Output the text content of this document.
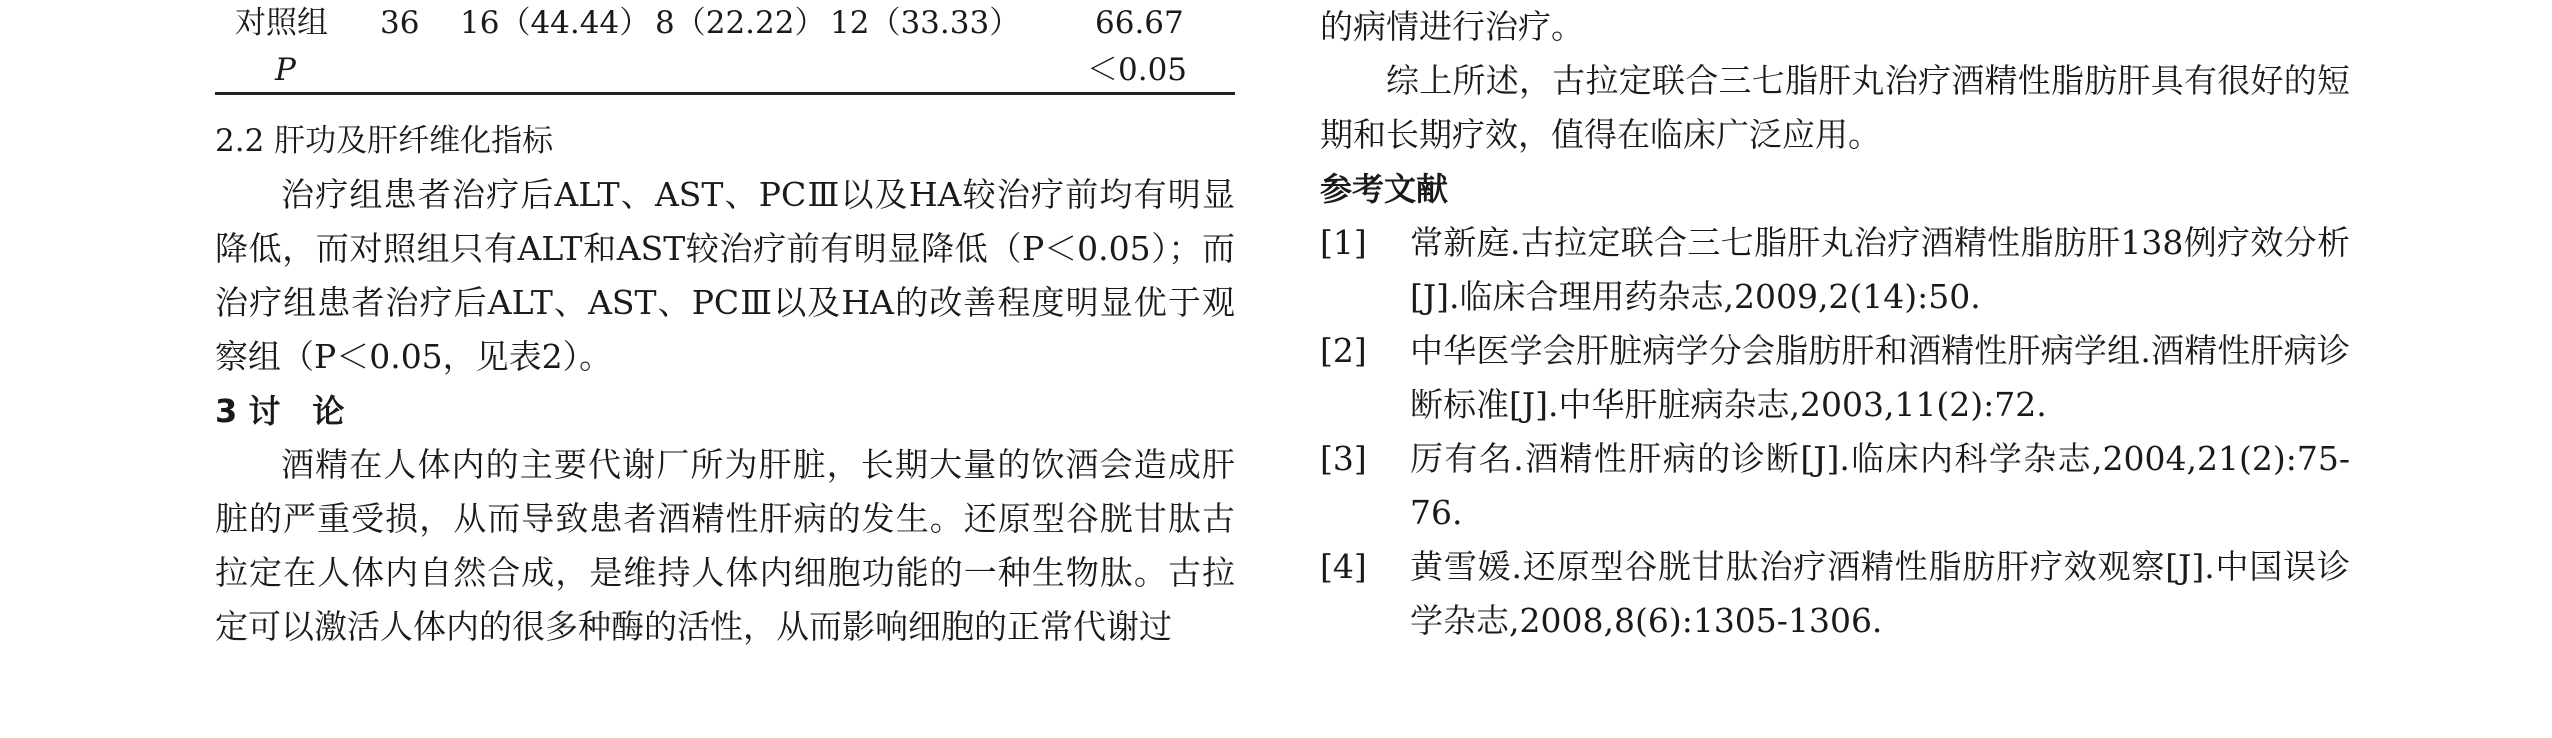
对照组 36 16（44.44） 8（22.22） 12（33.33） 66.67
P	＜0.05

2.2 肝功及肝纤维化指标

治疗组患者治疗后ALT、AST、PCⅢ以及HA较治疗前均有明显降低，而对照组只有ALT和AST较治疗前有明显降低（P＜0.05）；而治疗组患者治疗后ALT、AST、PCⅢ以及HA的改善程度明显优于观察组（P＜0.05，见表2）。

3 讨　论

酒精在人体内的主要代谢厂所为肝脏，长期大量的饮酒会造成肝脏的严重受损，从而导致患者酒精性肝病的发生。还原型谷胱甘肽古拉定在人体内自然合成，是维持人体内细胞功能的一种生物肽。古拉定可以激活人体内的很多种酶的活性，从而影响细胞的正常代谢过

的病情进行治疗。

综上所述，古拉定联合三七脂肝丸治疗酒精性脂肪肝具有很好的短期和长期疗效，值得在临床广泛应用。

参考文献

[1] 常新庭.古拉定联合三七脂肝丸治疗酒精性脂肪肝138例疗效分析[J].临床合理用药杂志,2009,2(14):50.
[2] 中华医学会肝脏病学分会脂肪肝和酒精性肝病学组.酒精性肝病诊断标准[J].中华肝脏病杂志,2003,11(2):72.
[3] 厉有名.酒精性肝病的诊断[J].临床内科学杂志,2004,21(2):75-76.
[4] 黄雪媛.还原型谷胱甘肽治疗酒精性脂肪肝疗效观察[J].中国误诊学杂志,2008,8(6):1305-1306.
